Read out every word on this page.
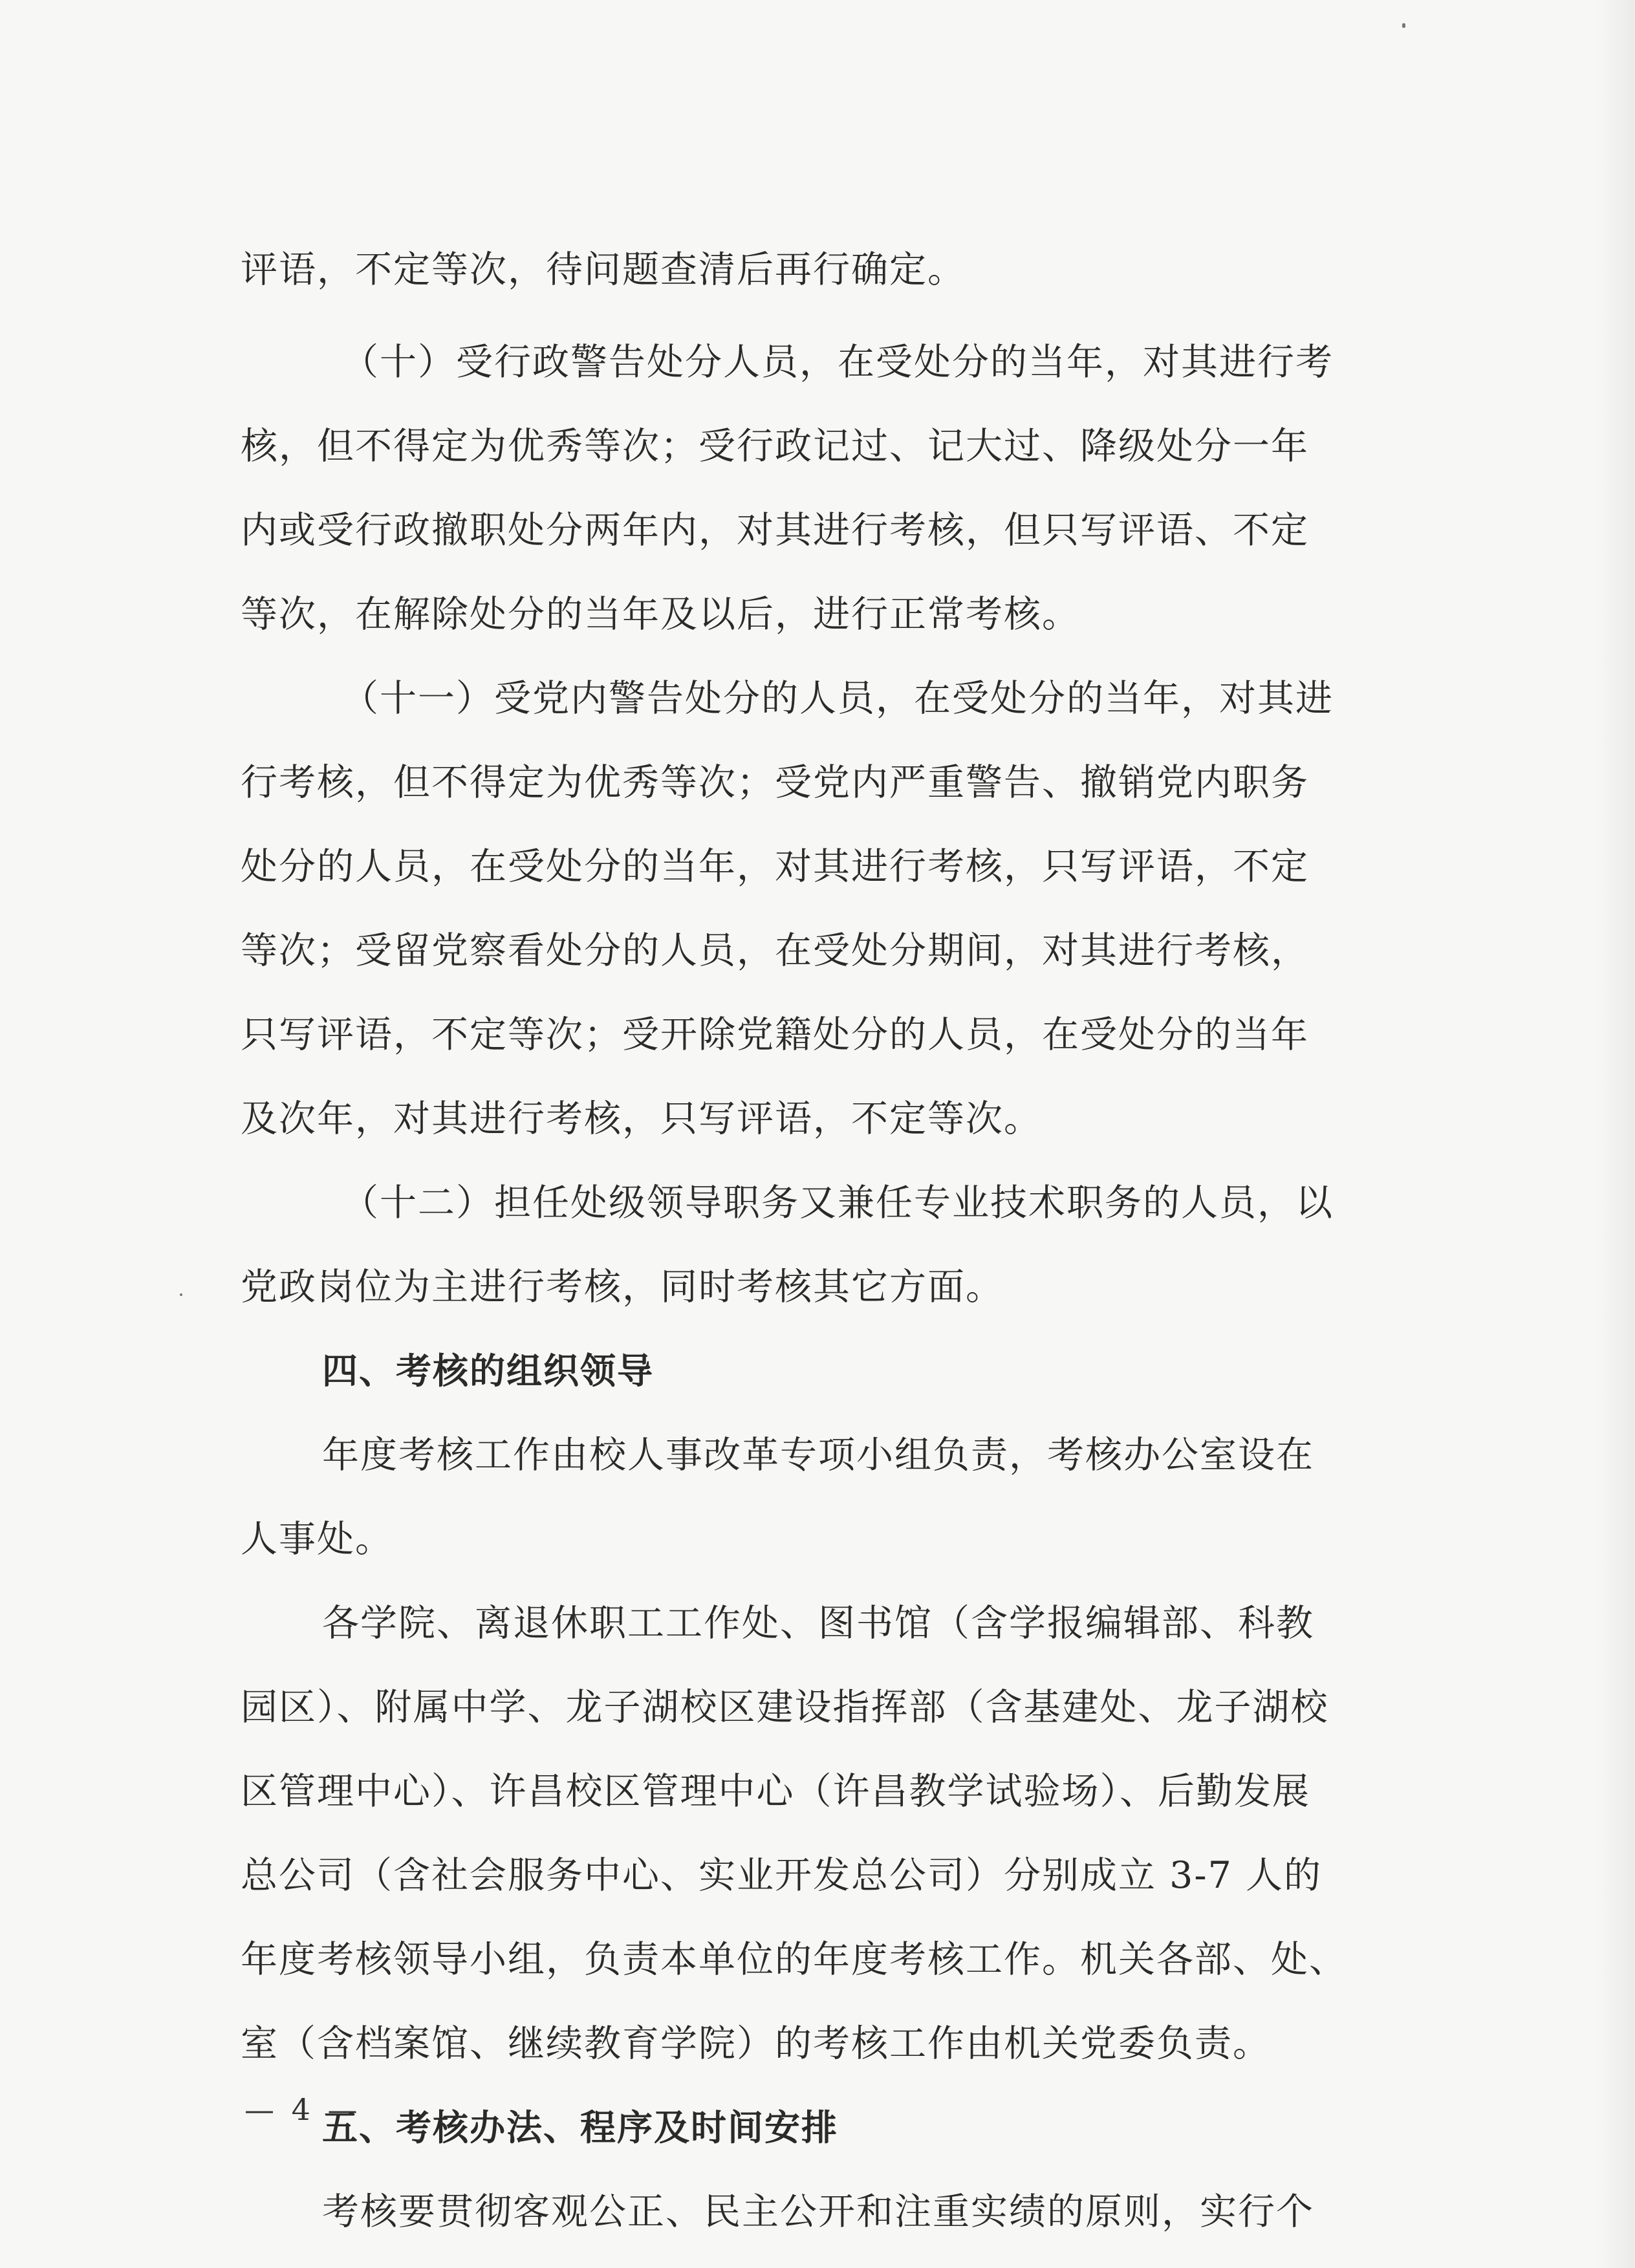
评语，不定等次，待问题查清后再行确定。
（十）受行政警告处分人员，在受处分的当年，对其进行考
核，但不得定为优秀等次；受行政记过、记大过、降级处分一年
内或受行政撤职处分两年内，对其进行考核，但只写评语、不定
等次，在解除处分的当年及以后，进行正常考核。
（十一）受党内警告处分的人员，在受处分的当年，对其进
行考核，但不得定为优秀等次；受党内严重警告、撤销党内职务
处分的人员，在受处分的当年，对其进行考核，只写评语，不定
等次；受留党察看处分的人员，在受处分期间，对其进行考核，
只写评语，不定等次；受开除党籍处分的人员，在受处分的当年
及次年，对其进行考核，只写评语，不定等次。
（十二）担任处级领导职务又兼任专业技术职务的人员，以
党政岗位为主进行考核，同时考核其它方面。
四、考核的组织领导
年度考核工作由校人事改革专项小组负责，考核办公室设在
人事处。
各学院、离退休职工工作处、图书馆（含学报编辑部、科教
园区）、附属中学、龙子湖校区建设指挥部（含基建处、龙子湖校
区管理中心）、许昌校区管理中心（许昌教学试验场）、后勤发展
总公司（含社会服务中心、实业开发总公司）分别成立 3-7 人的
年度考核领导小组，负责本单位的年度考核工作。机关各部、处、
室（含档案馆、继续教育学院）的考核工作由机关党委负责。
五、考核办法、程序及时间安排
考核要贯彻客观公正、民主公开和注重实绩的原则，实行个
— 4 —
